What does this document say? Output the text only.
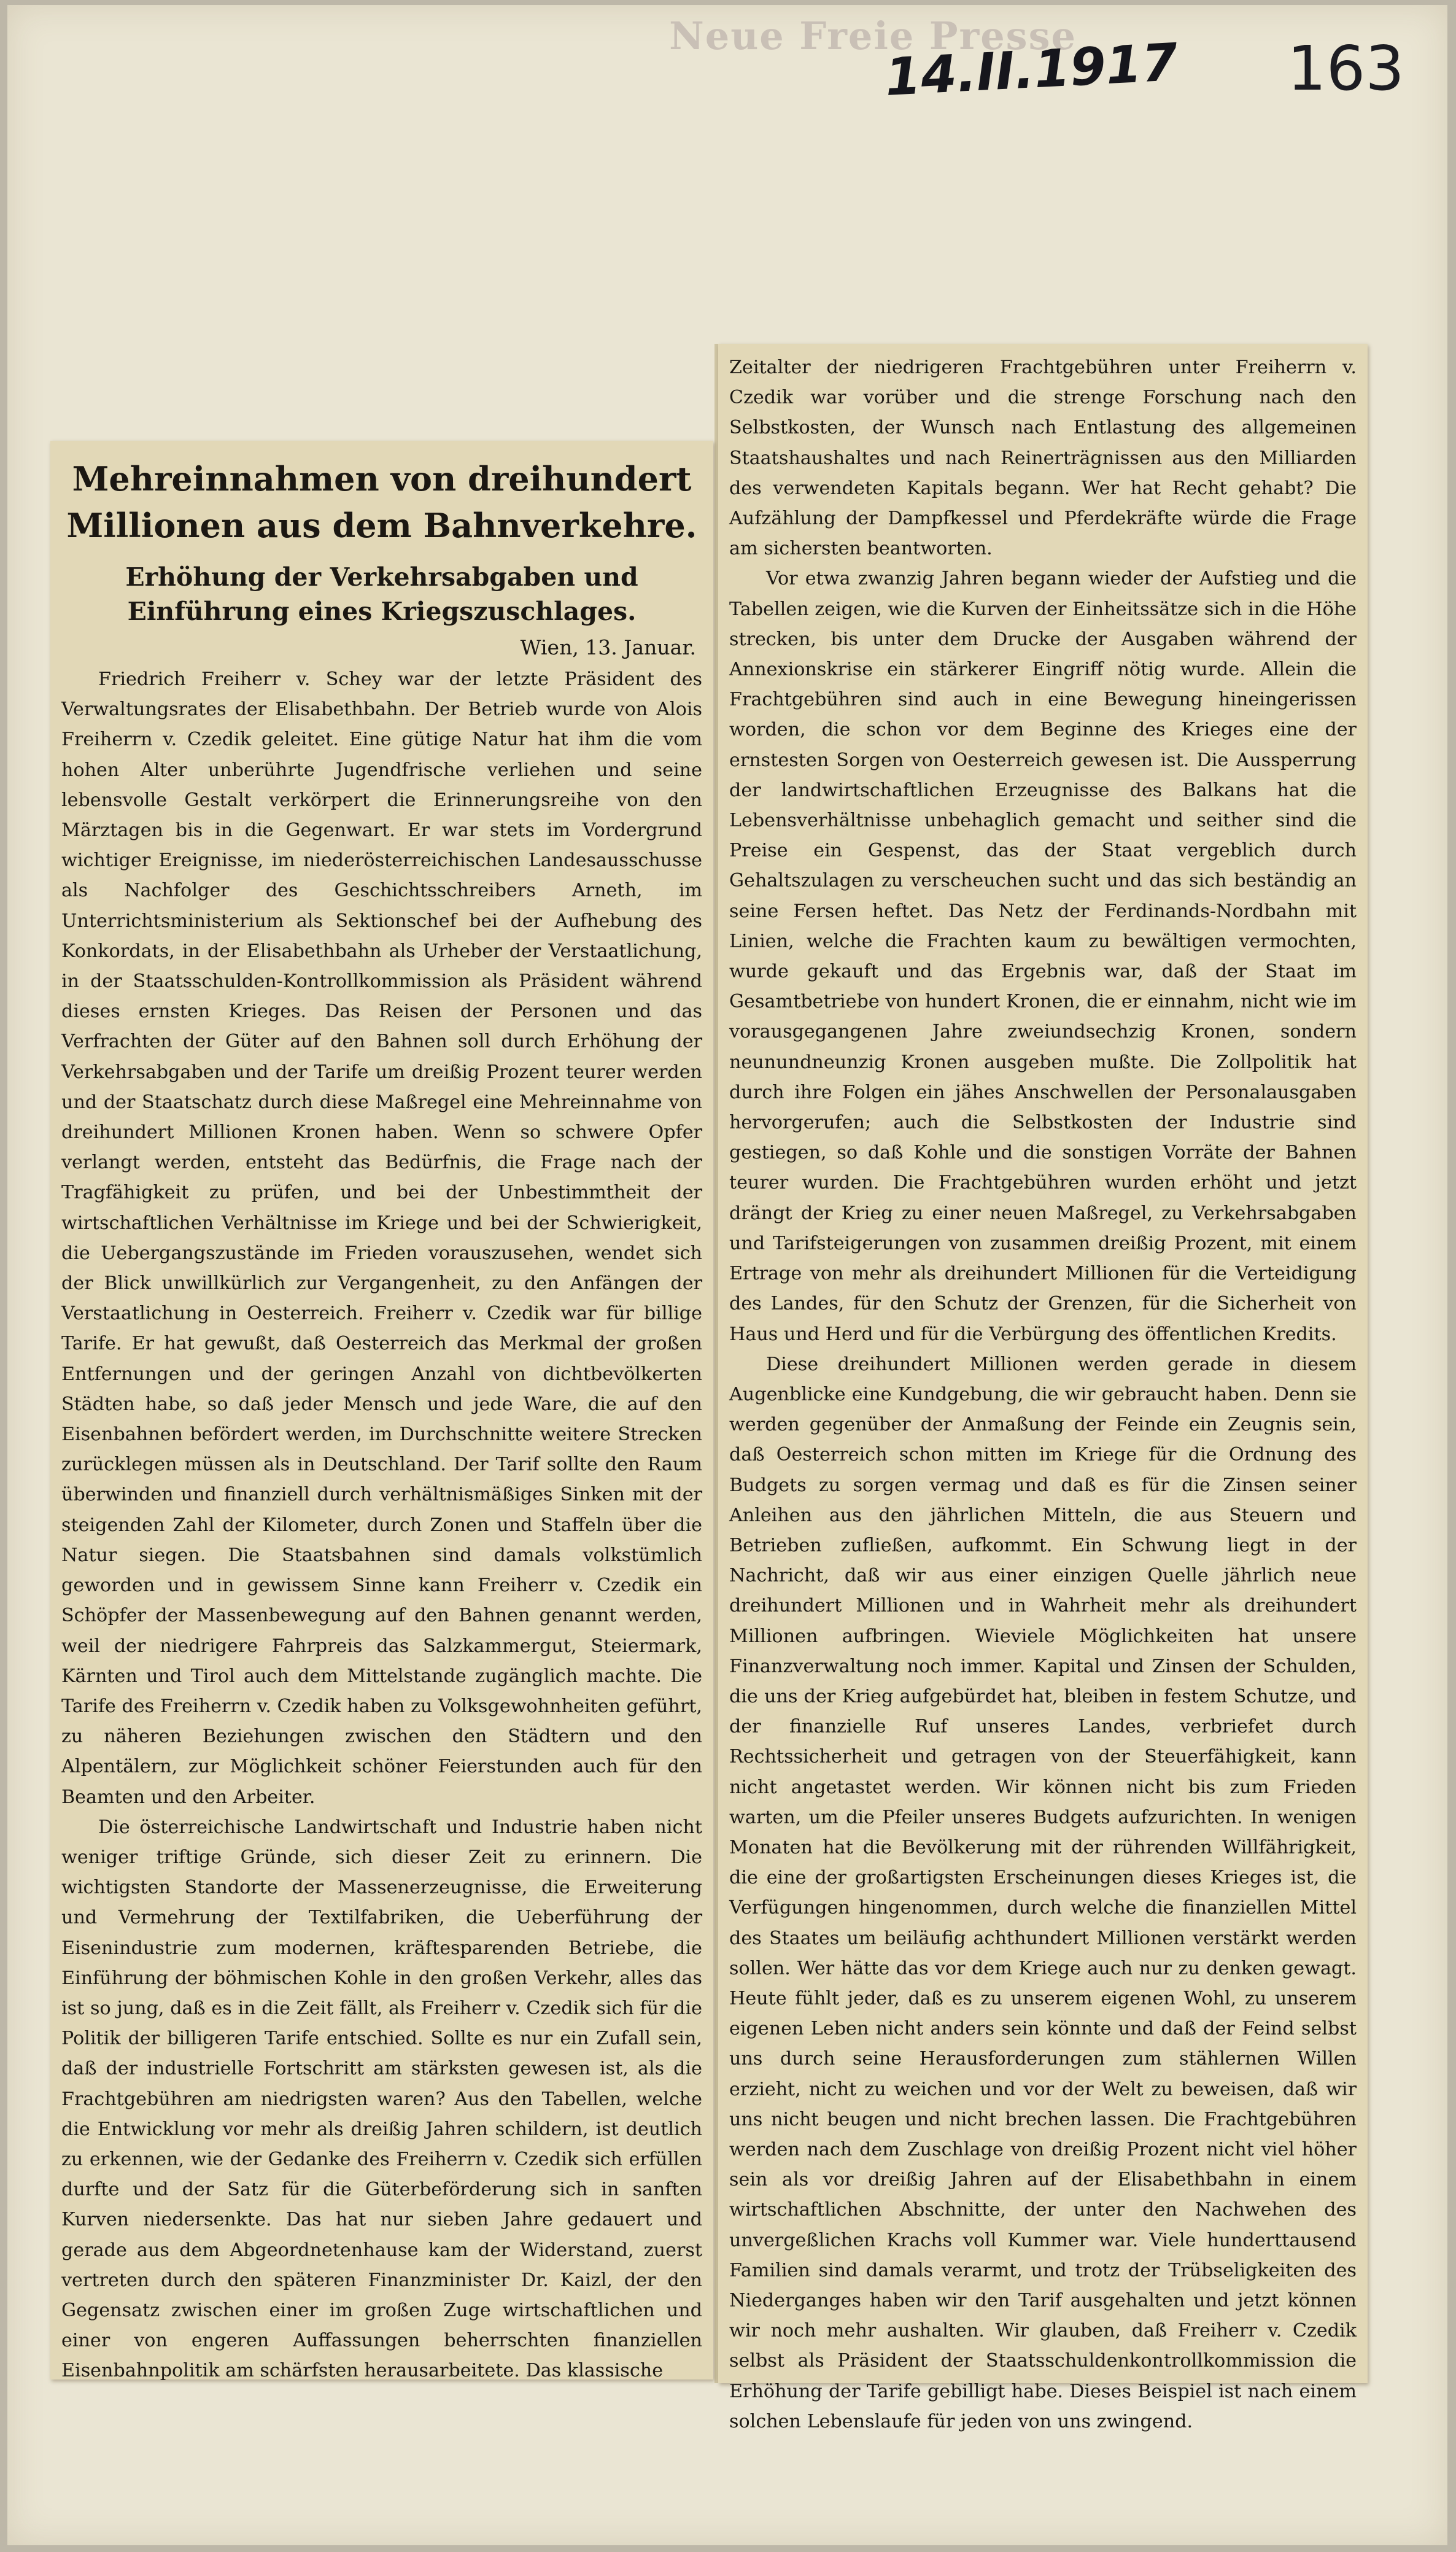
Neue Freie Presse
14.II.1917 163
Mehreinnahmen von dreihundert Millionen aus dem Bahnverkehre.
Erhöhung der Verkehrsabgaben und Einführung eines Kriegszuschlages.
Wien, 13. Januar.

Friedrich Freiherr v. Schey war der letzte Präsident des Verwaltungsrates der Elisabethbahn. Der Betrieb wurde von Alois Freiherrn v. Czedik geleitet. Eine gütige Natur hat ihm die vom hohen Alter unberührte Jugendfrische verliehen und seine lebensvolle Gestalt verkörpert die Erinnerungsreihe von den Märztagen bis in die Gegenwart. Er war stets im Vordergrund wichtiger Ereignisse, im niederösterreichischen Landesausschusse als Nachfolger des Geschichtsschreibers Arneth, im Unterrichtsministerium als Sektionschef bei der Aufhebung des Konkordats, in der Elisabethbahn als Urheber der Verstaatlichung, in der Staatsschulden-Kontrollkommission als Präsident während dieses ernsten Krieges. Das Reisen der Personen und das Verfrachten der Güter auf den Bahnen soll durch Erhöhung der Verkehrsabgaben und der Tarife um dreißig Prozent teurer werden und der Staatschatz durch diese Maßregel eine Mehreinnahme von dreihundert Millionen Kronen haben. Wenn so schwere Opfer verlangt werden, entsteht das Bedürfnis, die Frage nach der Tragfähigkeit zu prüfen, und bei der Unbestimmtheit der wirtschaftlichen Verhältnisse im Kriege und bei der Schwierigkeit, die Uebergangszustände im Frieden vorauszusehen, wendet sich der Blick unwillkürlich zur Vergangenheit, zu den Anfängen der Verstaatlichung in Oesterreich. Freiherr v. Czedik war für billige Tarife. Er hat gewußt, daß Oesterreich das Merkmal der großen Entfernungen und der geringen Anzahl von dichtbevölkerten Städten habe, so daß jeder Mensch und jede Ware, die auf den Eisenbahnen befördert werden, im Durchschnitte weitere Strecken zurücklegen müssen als in Deutschland. Der Tarif sollte den Raum überwinden und finanziell durch verhältnismäßiges Sinken mit der steigenden Zahl der Kilometer, durch Zonen und Staffeln über die Natur siegen. Die Staatsbahnen sind damals volkstümlich geworden und in gewissem Sinne kann Freiherr v. Czedik ein Schöpfer der Massenbewegung auf den Bahnen genannt werden, weil der niedrigere Fahrpreis das Salzkammergut, Steiermark, Kärnten und Tirol auch dem Mittelstande zugänglich machte. Die Tarife des Freiherrn v. Czedik haben zu Volksgewohnheiten geführt, zu näheren Beziehungen zwischen den Städtern und den Alpentälern, zur Möglichkeit schöner Feierstunden auch für den Beamten und den Arbeiter.

Die österreichische Landwirtschaft und Industrie haben nicht weniger triftige Gründe, sich dieser Zeit zu erinnern. Die wichtigsten Standorte der Massenerzeugnisse, die Erweiterung und Vermehrung der Textilfabriken, die Ueberführung der Eisenindustrie zum modernen, kräftesparenden Betriebe, die Einführung der böhmischen Kohle in den großen Verkehr, alles das ist so jung, daß es in die Zeit fällt, als Freiherr v. Czedik sich für die Politik der billigeren Tarife entschied. Sollte es nur ein Zufall sein, daß der industrielle Fortschritt am stärksten gewesen ist, als die Frachtgebühren am niedrigsten waren? Aus den Tabellen, welche die Entwicklung vor mehr als dreißig Jahren schildern, ist deutlich zu erkennen, wie der Gedanke des Freiherrn v. Czedik sich erfüllen durfte und der Satz für die Güterbeförderung sich in sanften Kurven niedersenkte. Das hat nur sieben Jahre gedauert und gerade aus dem Abgeordnetenhause kam der Widerstand, zuerst vertreten durch den späteren Finanzminister Dr. Kaizl, der den Gegensatz zwischen einer im großen Zuge wirtschaftlichen und einer von engeren Auffassungen beherrschten finanziellen Eisenbahnpolitik am schärfsten herausarbeitete. Das klassische

Zeitalter der niedrigeren Frachtgebühren unter Freiherrn v. Czedik war vorüber und die strenge Forschung nach den Selbstkosten, der Wunsch nach Entlastung des allgemeinen Staatshaushaltes und nach Reinerträgnissen aus den Milliarden des verwendeten Kapitals begann. Wer hat Recht gehabt? Die Aufzählung der Dampfkessel und Pferdekräfte würde die Frage am sichersten beantworten.

Vor etwa zwanzig Jahren begann wieder der Aufstieg und die Tabellen zeigen, wie die Kurven der Einheitssätze sich in die Höhe strecken, bis unter dem Drucke der Ausgaben während der Annexionskrise ein stärkerer Eingriff nötig wurde. Allein die Frachtgebühren sind auch in eine Bewegung hineingerissen worden, die schon vor dem Beginne des Krieges eine der ernstesten Sorgen von Oesterreich gewesen ist. Die Aussperrung der landwirtschaftlichen Erzeugnisse des Balkans hat die Lebensverhältnisse unbehaglich gemacht und seither sind die Preise ein Gespenst, das der Staat vergeblich durch Gehaltszulagen zu verscheuchen sucht und das sich beständig an seine Fersen heftet. Das Netz der Ferdinands-Nordbahn mit Linien, welche die Frachten kaum zu bewältigen vermochten, wurde gekauft und das Ergebnis war, daß der Staat im Gesamtbetriebe von hundert Kronen, die er einnahm, nicht wie im vorausgegangenen Jahre zweiundsechzig Kronen, sondern neunundneunzig Kronen ausgeben mußte. Die Zollpolitik hat durch ihre Folgen ein jähes Anschwellen der Personalausgaben hervorgerufen; auch die Selbstkosten der Industrie sind gestiegen, so daß Kohle und die sonstigen Vorräte der Bahnen teurer wurden. Die Frachtgebühren wurden erhöht und jetzt drängt der Krieg zu einer neuen Maßregel, zu Verkehrsabgaben und Tarifsteigerungen von zusammen dreißig Prozent, mit einem Ertrage von mehr als dreihundert Millionen für die Verteidigung des Landes, für den Schutz der Grenzen, für die Sicherheit von Haus und Herd und für die Verbürgung des öffentlichen Kredits.

Diese dreihundert Millionen werden gerade in diesem Augenblicke eine Kundgebung, die wir gebraucht haben. Denn sie werden gegenüber der Anmaßung der Feinde ein Zeugnis sein, daß Oesterreich schon mitten im Kriege für die Ordnung des Budgets zu sorgen vermag und daß es für die Zinsen seiner Anleihen aus den jährlichen Mitteln, die aus Steuern und Betrieben zufließen, aufkommt. Ein Schwung liegt in der Nachricht, daß wir aus einer einzigen Quelle jährlich neue dreihundert Millionen und in Wahrheit mehr als dreihundert Millionen aufbringen. Wieviele Möglichkeiten hat unsere Finanzverwaltung noch immer. Kapital und Zinsen der Schulden, die uns der Krieg aufgebürdet hat, bleiben in festem Schutze, und der finanzielle Ruf unseres Landes, verbriefet durch Rechtssicherheit und getragen von der Steuerfähigkeit, kann nicht angetastet werden. Wir können nicht bis zum Frieden warten, um die Pfeiler unseres Budgets aufzurichten. In wenigen Monaten hat die Bevölkerung mit der rührenden Willfährigkeit, die eine der großartigsten Erscheinungen dieses Krieges ist, die Verfügungen hingenommen, durch welche die finanziellen Mittel des Staates um beiläufig achthundert Millionen verstärkt werden sollen. Wer hätte das vor dem Kriege auch nur zu denken gewagt. Heute fühlt jeder, daß es zu unserem eigenen Wohl, zu unserem eigenen Leben nicht anders sein könnte und daß der Feind selbst uns durch seine Herausforderungen zum stählernen Willen erzieht, nicht zu weichen und vor der Welt zu beweisen, daß wir uns nicht beugen und nicht brechen lassen. Die Frachtgebühren werden nach dem Zuschlage von dreißig Prozent nicht viel höher sein als vor dreißig Jahren auf der Elisabethbahn in einem wirtschaftlichen Abschnitte, der unter den Nachwehen des unvergeßlichen Krachs voll Kummer war. Viele hunderttausend Familien sind damals verarmt, und trotz der Trübseligkeiten des Niederganges haben wir den Tarif ausgehalten und jetzt können wir noch mehr aushalten. Wir glauben, daß Freiherr v. Czedik selbst als Präsident der Staatsschuldenkontrollkommission die Erhöhung der Tarife gebilligt habe. Dieses Beispiel ist nach einem solchen Lebenslaufe für jeden von uns zwingend.
